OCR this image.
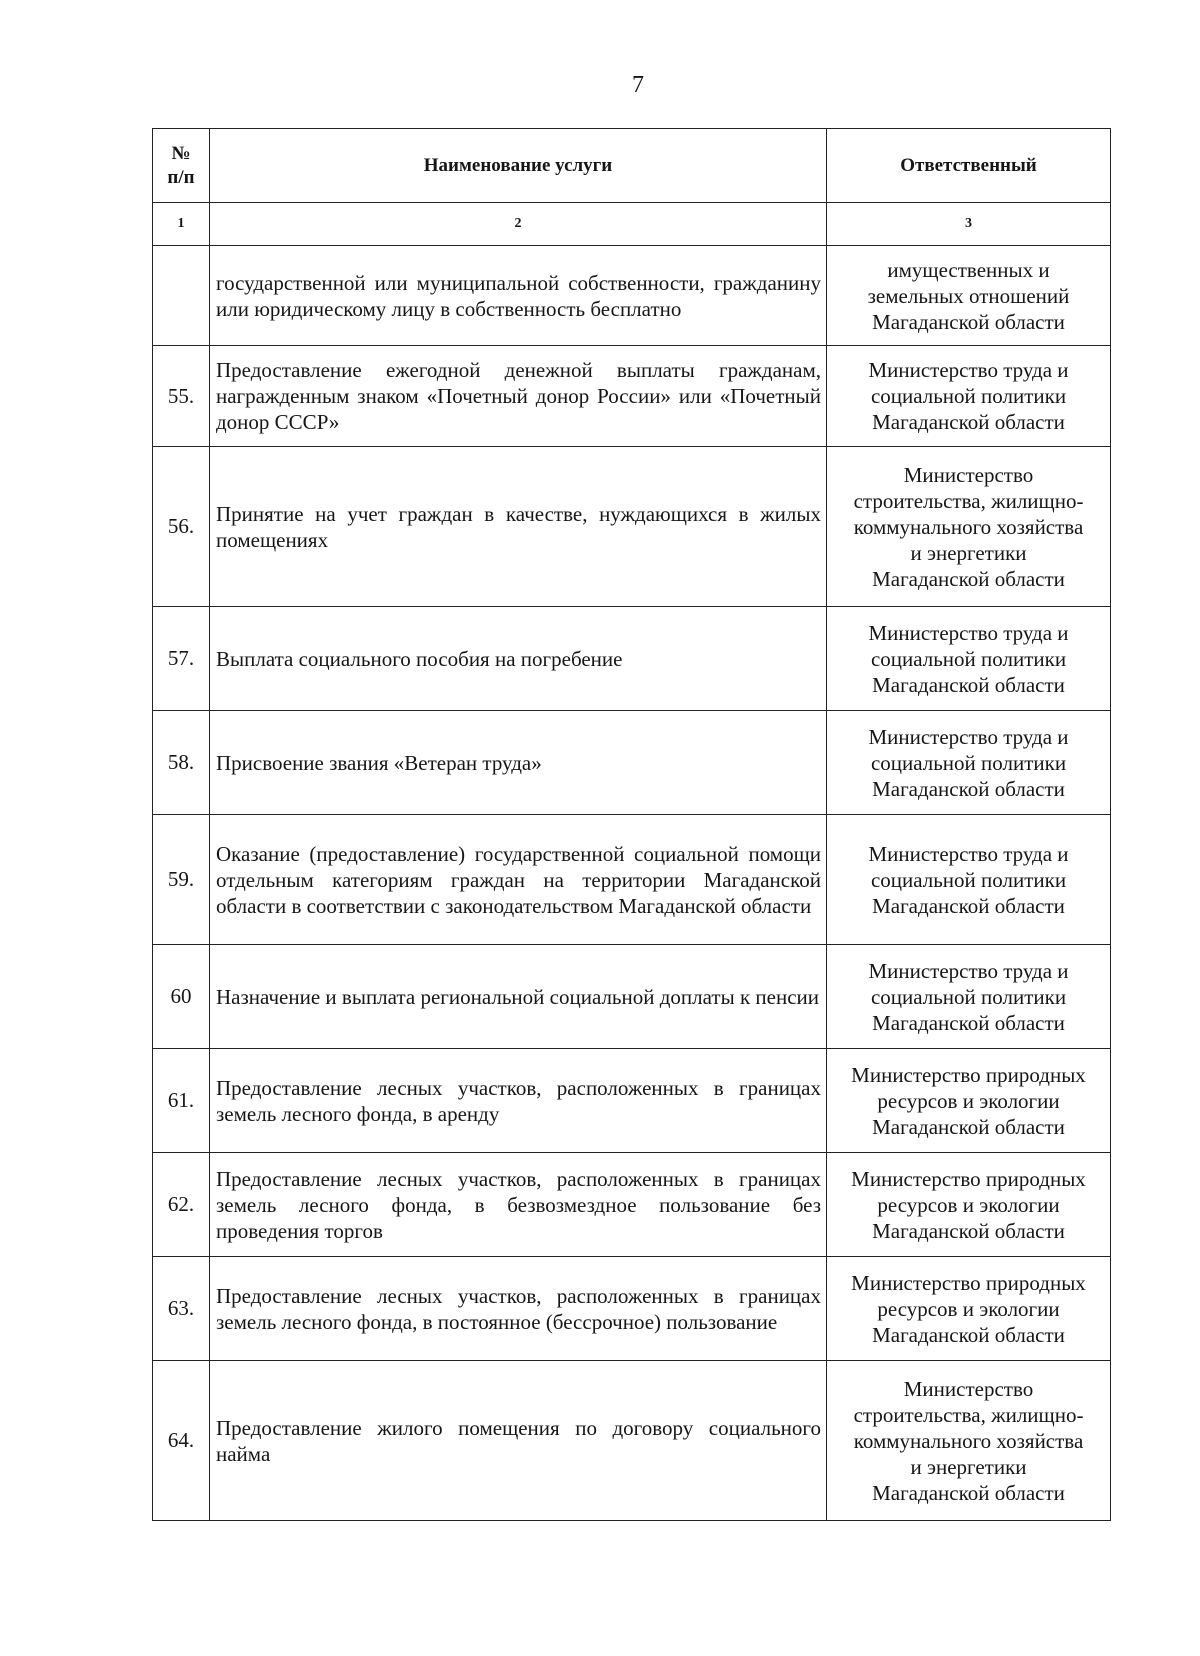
7
№
п/п	Наименование услуги	Ответственный
1	2	3

	государственной или муниципальной собственности, гражданину или юридическому лицу в собственность бесплатно	имущественных и
земельных отношений
Магаданской области

55.	Предоставление ежегодной денежной выплаты гражданам, награжденным знаком «Почетный донор России» или «Почетный донор СССР»	Министерство труда и
социальной политики
Магаданской области

56.	Принятие на учет граждан в качестве, нуждающихся в жилых помещениях	Министерство
строительства, жилищно-
коммунального хозяйства
и энергетики
Магаданской области

57.	Выплата социального пособия на погребение	Министерство труда и
социальной политики
Магаданской области

58.	Присвоение звания «Ветеран труда»	Министерство труда и
социальной политики
Магаданской области

59.	Оказание (предоставление) государственной социальной помощи отдельным категориям граждан на территории Магаданской области в соответствии с законодательством Магаданской области	Министерство труда и
социальной политики
Магаданской области

60	Назначение и выплата региональной социальной доплаты к пенсии	Министерство труда и
социальной политики
Магаданской области

61.	Предоставление лесных участков, расположенных в границах земель лесного фонда, в аренду	Министерство природных
ресурсов и экологии
Магаданской области

62.	Предоставление лесных участков, расположенных в границах земель лесного фонда, в безвозмездное пользование без проведения торгов	Министерство природных
ресурсов и экологии
Магаданской области

63.	Предоставление лесных участков, расположенных в границах земель лесного фонда, в постоянное (бессрочное) пользование	Министерство природных
ресурсов и экологии
Магаданской области

64.	Предоставление жилого помещения по договору социального найма	Министерство
строительства, жилищно-
коммунального хозяйства
и энергетики
Магаданской области
